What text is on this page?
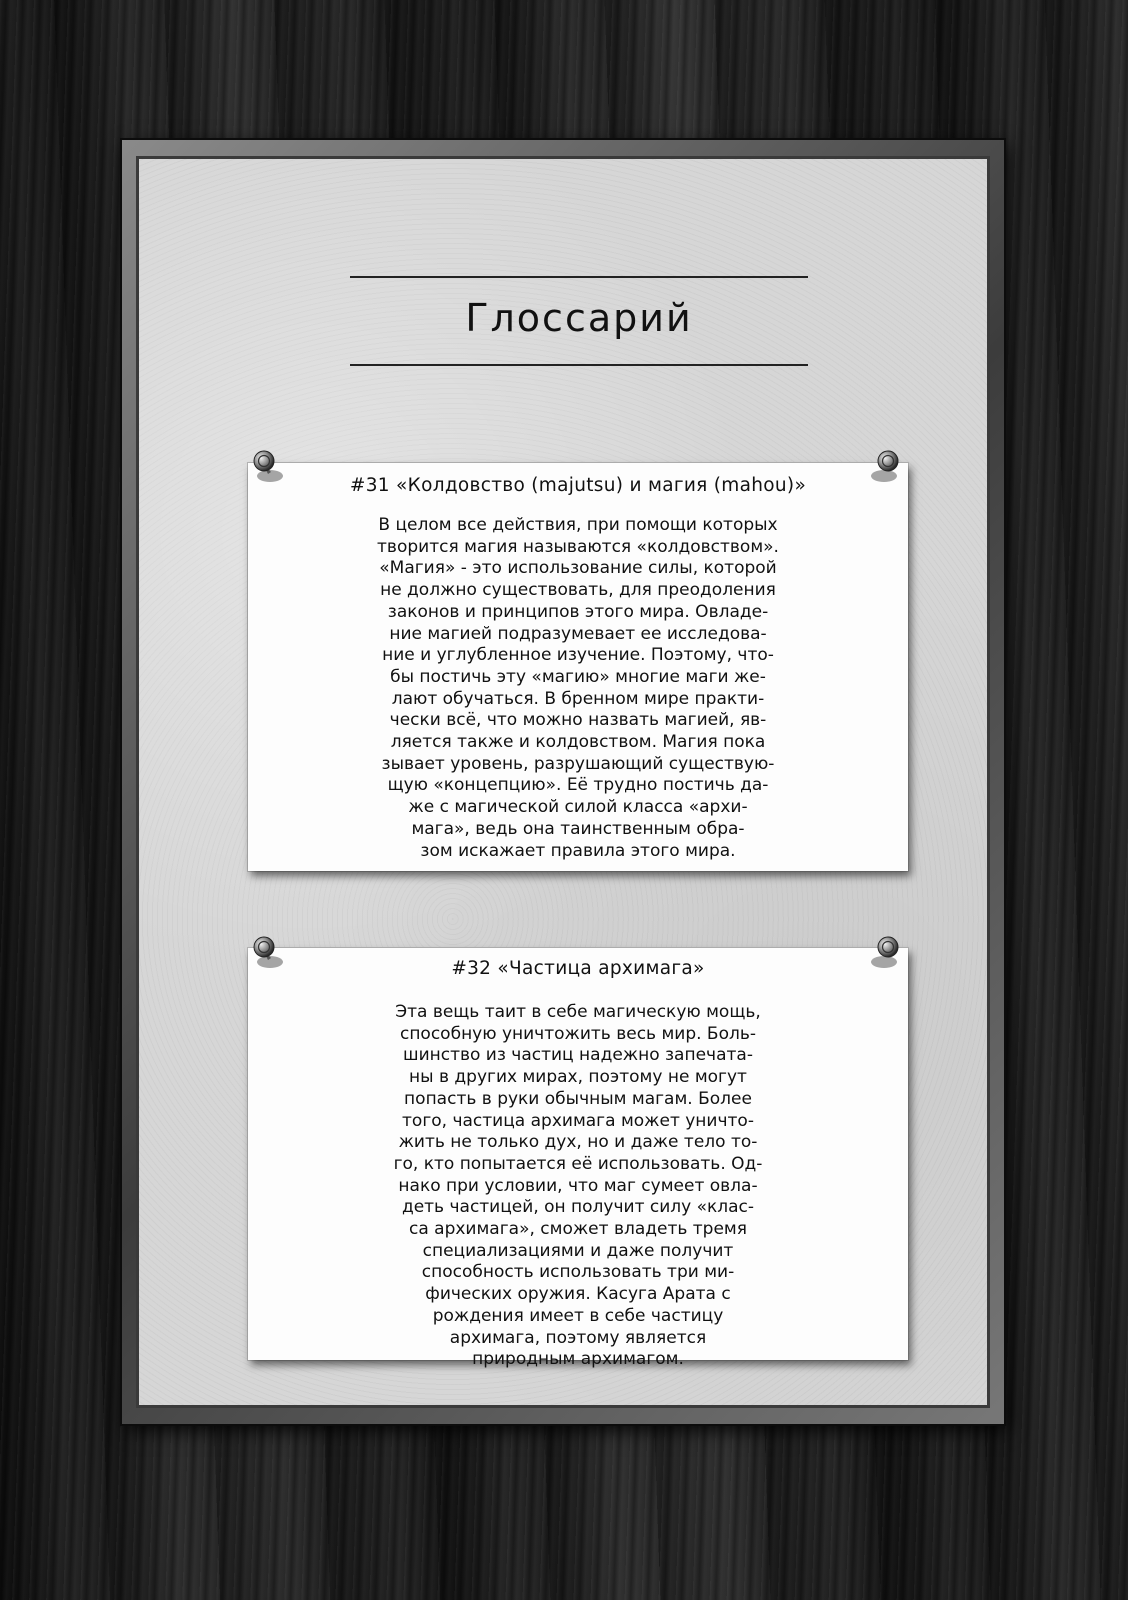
Глоссарий
#31 «Колдовство (majutsu) и магия (mahou)»
В целом все действия, при помощи которых
творится магия называются «колдовством».
«Магия» - это использование силы, которой
не должно существовать, для преодоления
законов и принципов этого мира. Овладе-
ние магией подразумевает ее исследова-
ние и углубленное изучение. Поэтому, что-
бы постичь эту «магию» многие маги же-
лают обучаться. В бренном мире практи-
чески всё, что можно назвать магией, яв-
ляется также и колдовством. Магия пока
зывает уровень, разрушающий существую-
щую «концепцию». Её трудно постичь да-
же с магической силой класса «архи-
мага», ведь она таинственным обра-
зом искажает правила этого мира.
#32 «Частица архимага»
Эта вещь таит в себе магическую мощь,
способную уничтожить весь мир. Боль-
шинство из частиц надежно запечата-
ны в других мирах, поэтому не могут
попасть в руки обычным магам. Более
того, частица архимага может уничто-
жить не только дух, но и даже тело то-
го, кто попытается её использовать. Од-
нако при условии, что маг сумеет овла-
деть частицей, он получит силу «клас-
са архимага», сможет владеть тремя
специализациями и даже получит
способность использовать три ми-
фических оружия. Касуга Арата с
рождения имеет в себе частицу
архимага, поэтому является
природным архимагом.
